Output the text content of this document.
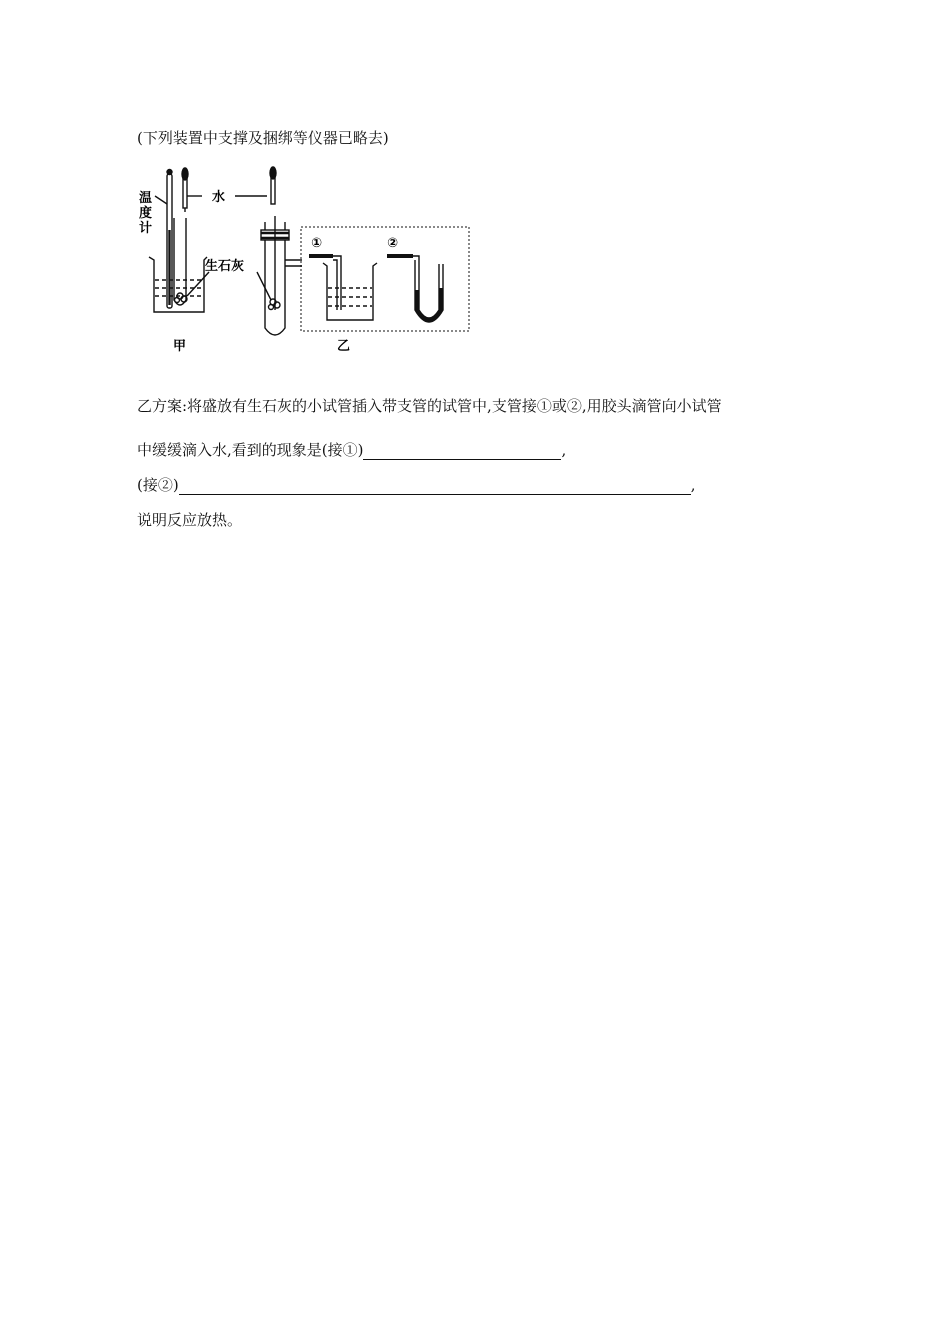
(下列装置中支撑及捆绑等仪器已略去)
温度计
水
生石灰
甲	乙
①	②
乙方案:将盛放有生石灰的小试管插入带支管的试管中,支管接①或②,用胶头滴管向小试管
中缓缓滴入水,看到的现象是(接①)	,
(接②)	,
说明反应放热。
